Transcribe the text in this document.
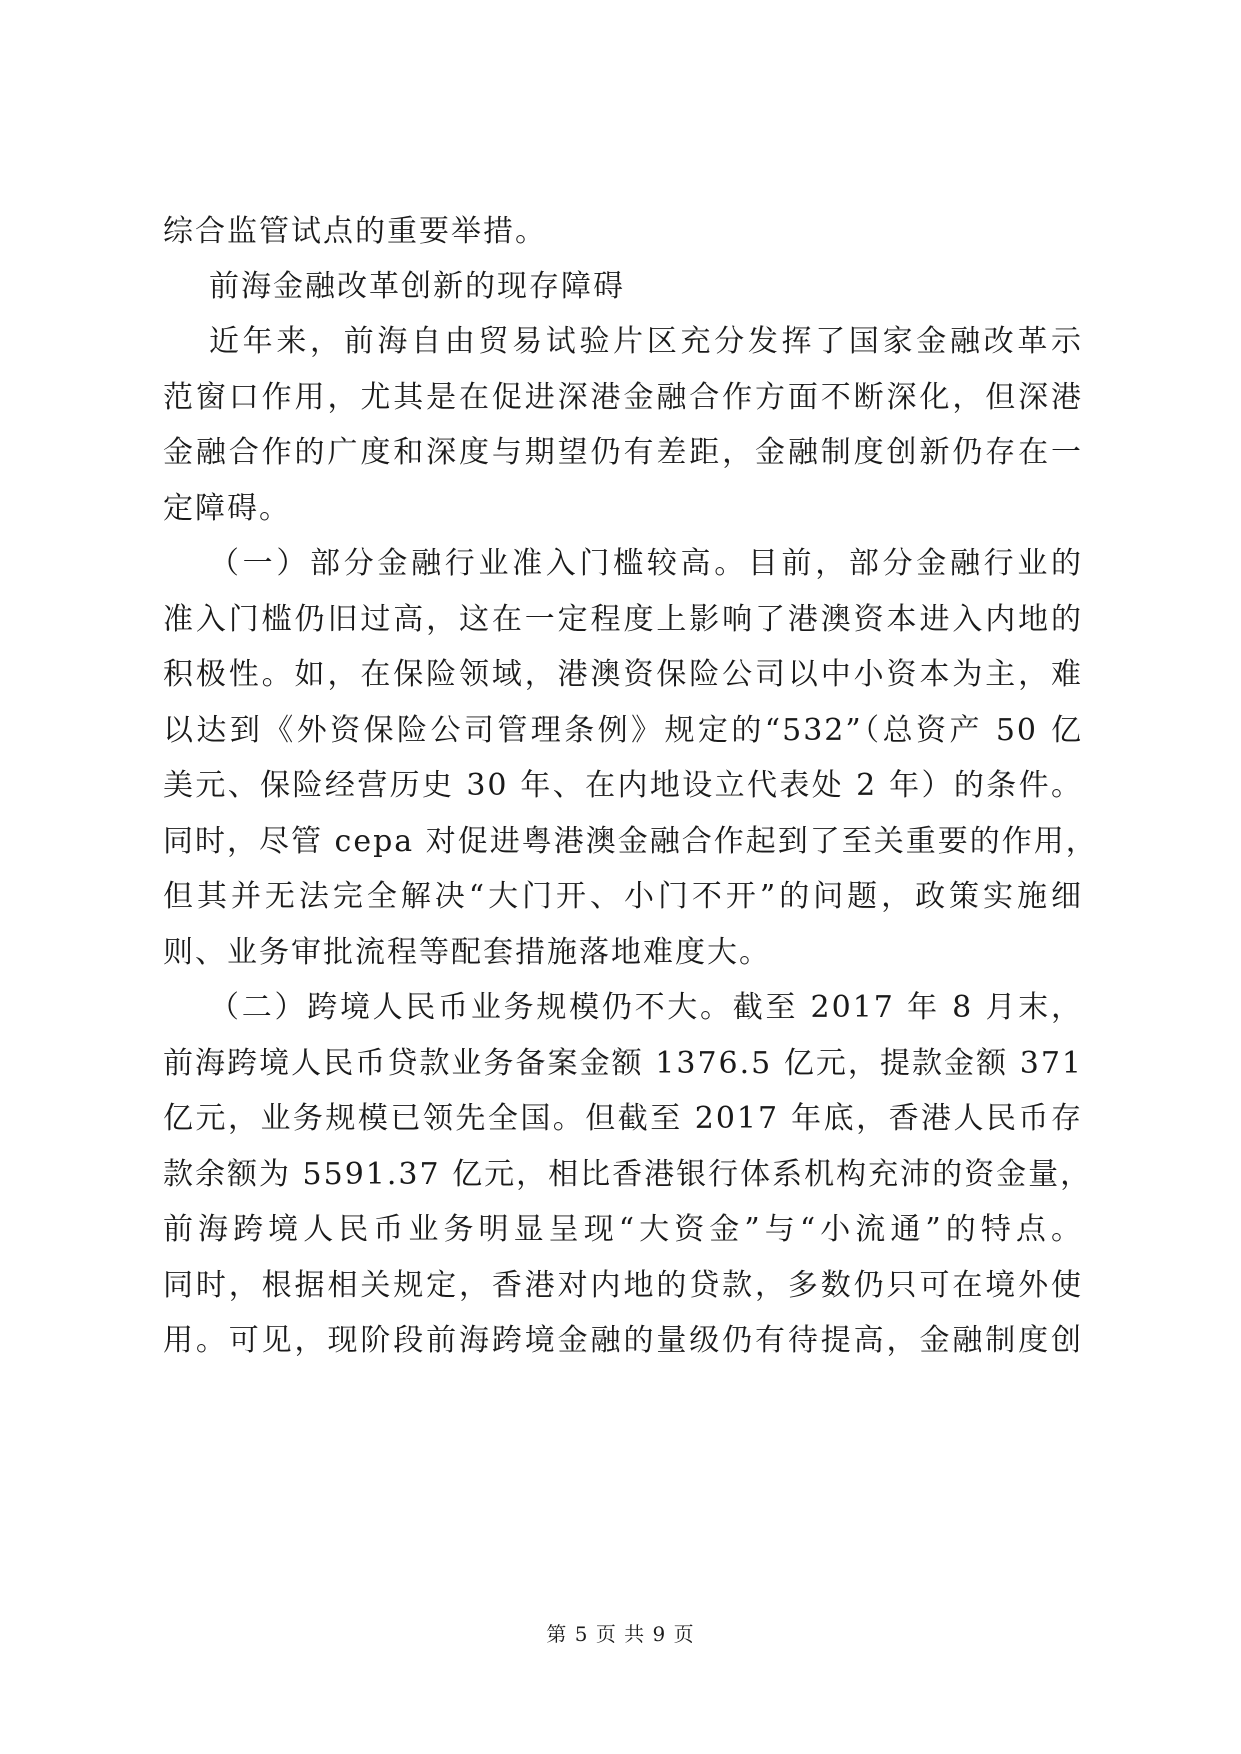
综合监管试点的重要举措。
前海金融改革创新的现存障碍
近年来，前海自由贸易试验片区充分发挥了国家金融改革示
范窗口作用，尤其是在促进深港金融合作方面不断深化，但深港
金融合作的广度和深度与期望仍有差距，金融制度创新仍存在一
定障碍。
（一）部分金融行业准入门槛较高。目前，部分金融行业的
准入门槛仍旧过高，这在一定程度上影响了港澳资本进入内地的
积极性。如，在保险领域，港澳资保险公司以中小资本为主，难
以达到《外资保险公司管理条例》规定的“532”（总资产 50 亿
美元、保险经营历史 30 年、在内地设立代表处 2 年）的条件。
同时，尽管 cepa 对促进粤港澳金融合作起到了至关重要的作用，
但其并无法完全解决“大门开、小门不开”的问题，政策实施细
则、业务审批流程等配套措施落地难度大。
（二）跨境人民币业务规模仍不大。截至 2017 年 8 月末，
前海跨境人民币贷款业务备案金额 1376.5 亿元，提款金额 371
亿元，业务规模已领先全国。但截至 2017 年底，香港人民币存
款余额为 5591.37 亿元，相比香港银行体系机构充沛的资金量，
前海跨境人民币业务明显呈现“大资金”与“小流通”的特点。
同时，根据相关规定，香港对内地的贷款，多数仍只可在境外使
用。可见，现阶段前海跨境金融的量级仍有待提高，金融制度创
第 5 页 共 9 页
